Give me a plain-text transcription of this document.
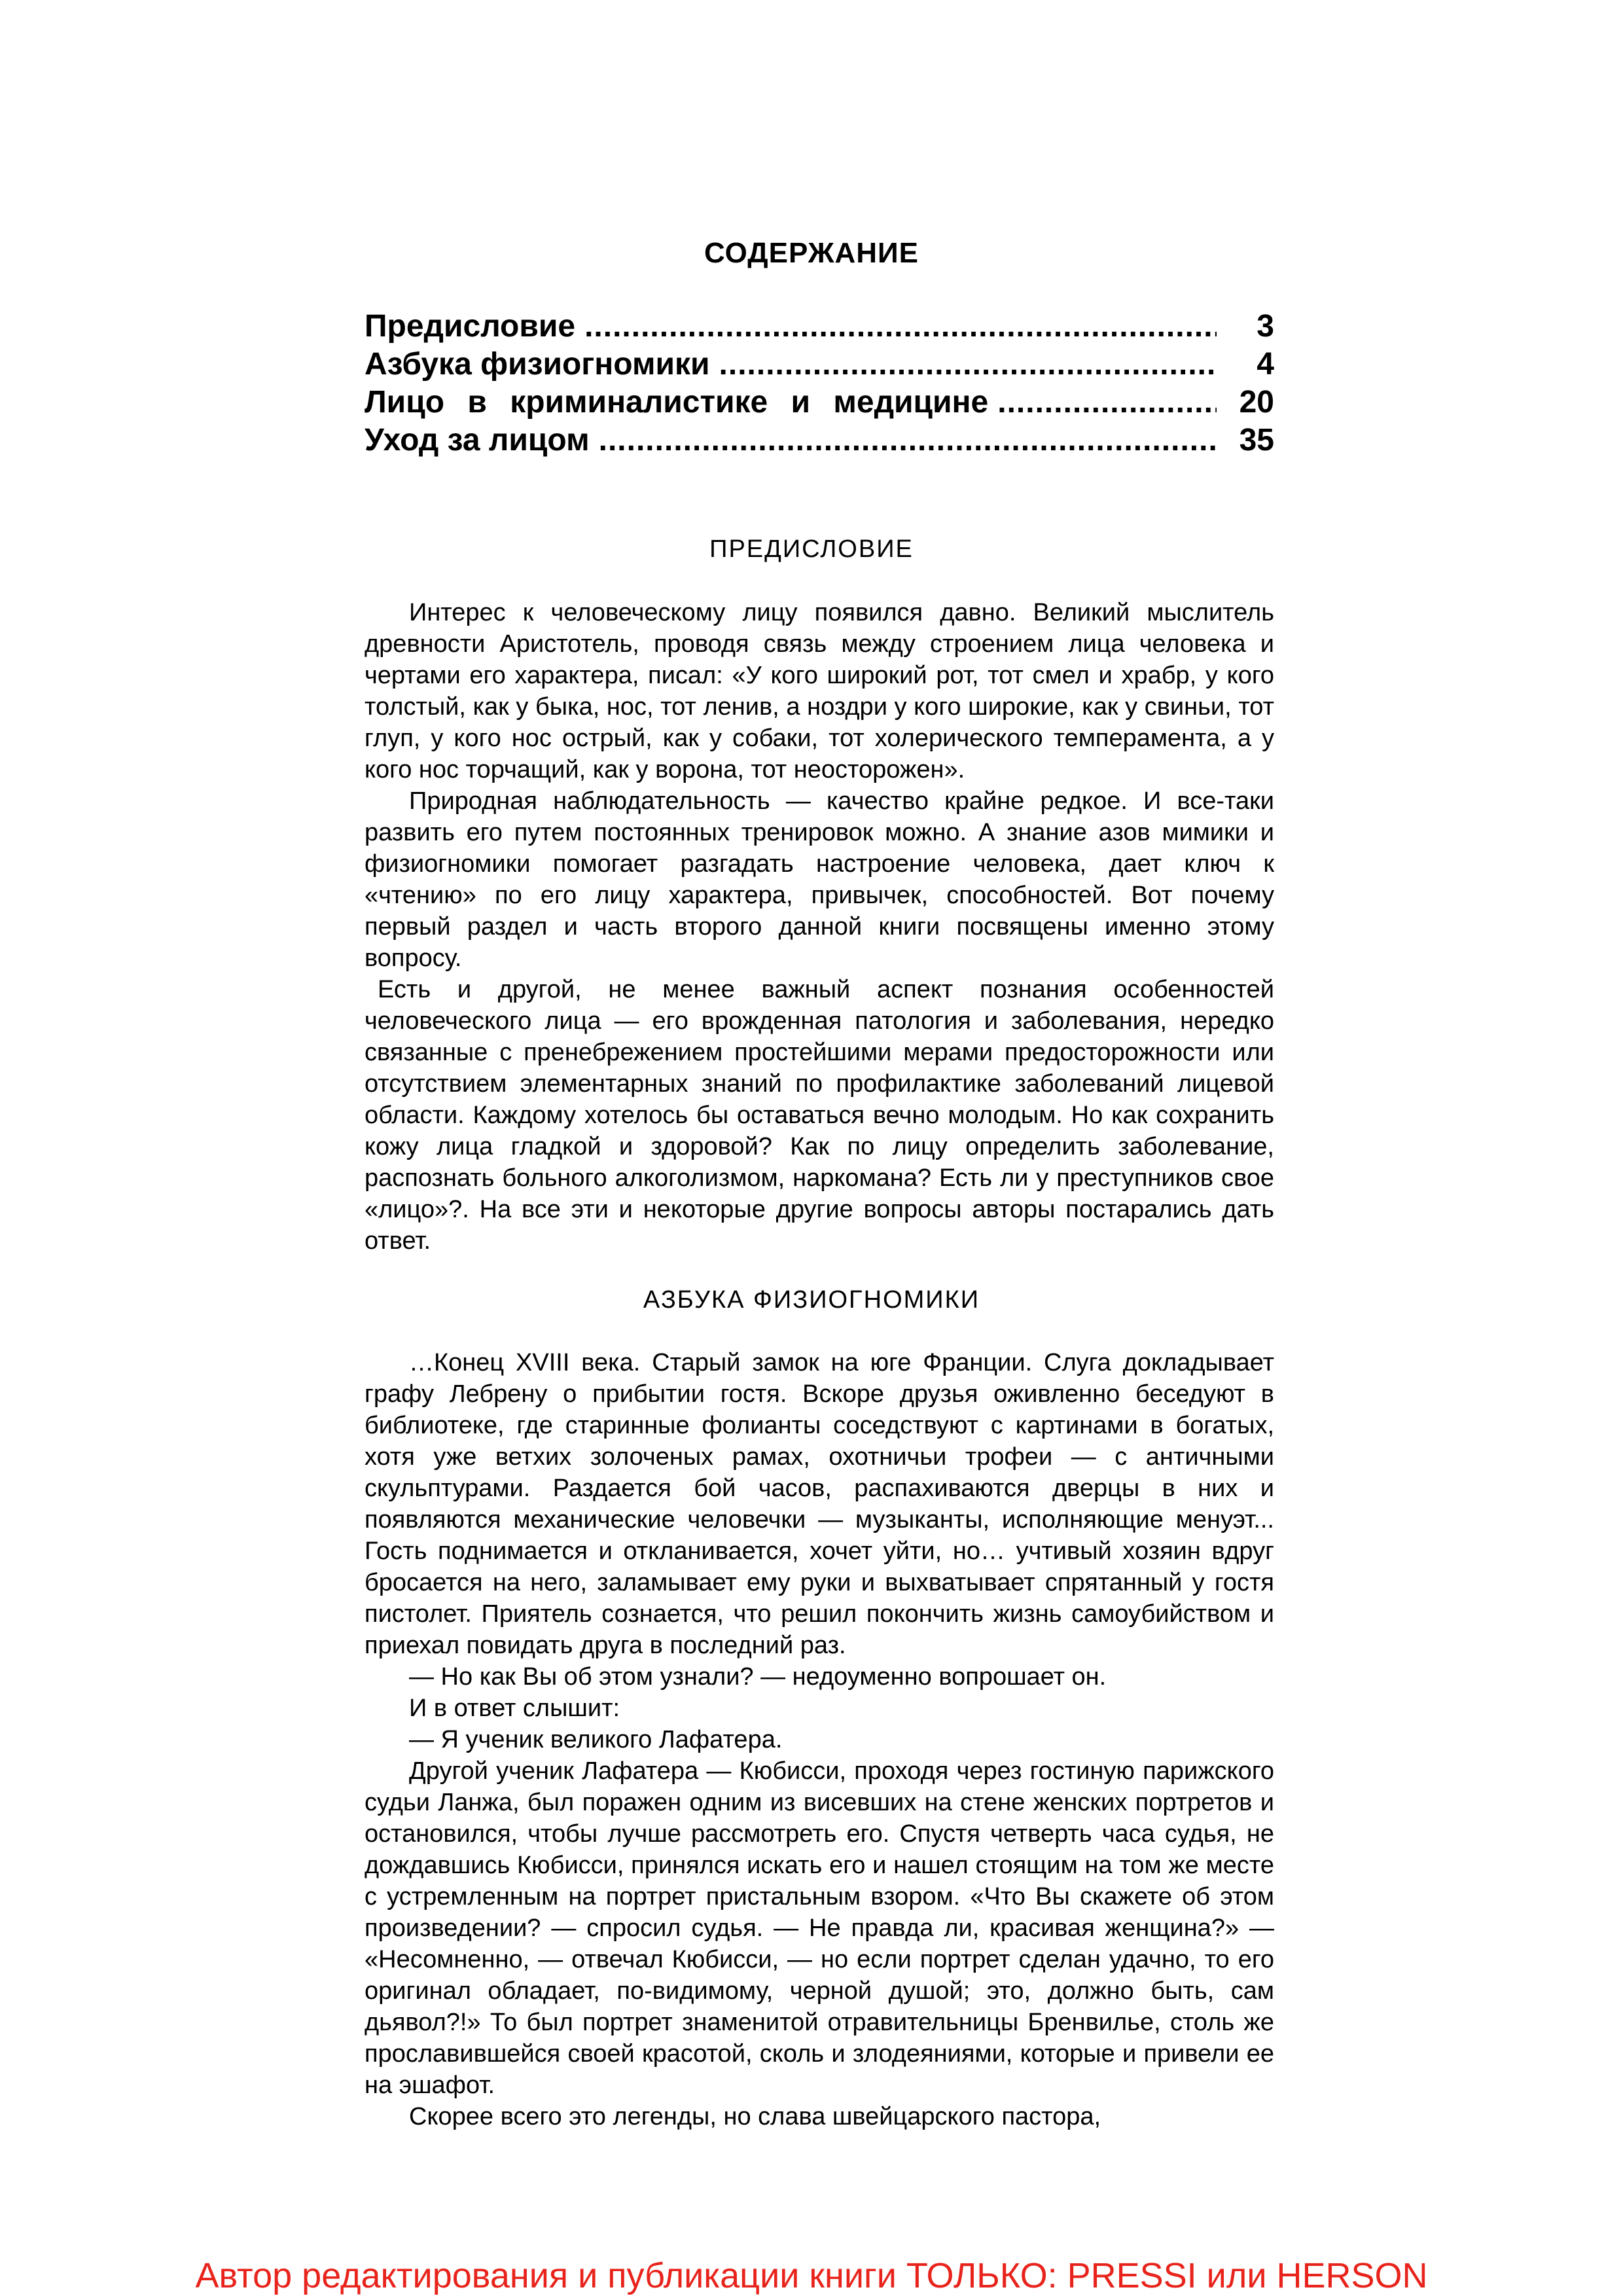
СОДЕРЖАНИЕ
Предисловие .....	3
Азбука физиогномики .....	4
Лицо в криминалистике и медицине .....	20
Уход за лицом .....	35
ПРЕДИСЛОВИЕ

Интерес к человеческому лицу появился давно. Великий мыслитель древности Аристотель, проводя связь между строением лица человека и чертами его характера, писал: «У кого широкий рот, тот смел и храбр, у кого толстый, как у быка, нос, тот ленив, а ноздри у кого широкие, как у свиньи, тот глуп, у кого нос острый, как у собаки, тот холерического темперамента, а у кого нос торчащий, как у ворона, тот неосторожен».

Природная наблюдательность — качество крайне редкое. И все-таки развить его путем постоянных тренировок можно. А знание азов мимики и физиогномики помогает разгадать настроение человека, дает ключ к «чтению» по его лицу характера, привычек, способностей. Вот почему первый раздел и часть второго данной книги посвящены именно этому вопросу.

Есть и другой, не менее важный аспект познания особенностей человеческого лица — его врожденная патология и заболевания, нередко связанные с пренебрежением простейшими мерами предосторожности или отсутствием элементарных знаний по профилактике заболеваний лицевой области. Каждому хотелось бы оставаться вечно молодым. Но как сохранить кожу лица гладкой и здоровой? Как по лицу определить заболевание, распознать больного алкоголизмом, наркомана? Есть ли у преступников свое «лицо»?. На все эти и некоторые другие вопросы авторы постарались дать ответ.

АЗБУКА ФИЗИОГНОМИКИ

…Конец XVIII века. Старый замок на юге Франции. Слуга докладывает графу Лебрену о прибытии гостя. Вскоре друзья оживленно беседуют в библиотеке, где старинные фолианты соседствуют с картинами в богатых, хотя уже ветхих золоченых рамах, охотничьи трофеи — с античными скульптурами. Раздается бой часов, распахиваются дверцы в них и появляются механические человечки — музыканты, исполняющие менуэт... Гость поднимается и откланивается, хочет уйти, но… учтивый хозяин вдруг бросается на него, заламывает ему руки и выхватывает спрятанный у гостя пистолет. Приятель сознается, что решил покончить жизнь самоубийством и приехал повидать друга в последний раз.

— Но как Вы об этом узнали? — недоуменно вопрошает он.

И в ответ слышит:

— Я ученик великого Лафатера.

Другой ученик Лафатера — Кюбисси, проходя через гостиную парижского судьи Ланжа, был поражен одним из висевших на стене женских портретов и остановился, чтобы лучше рассмотреть его. Спустя четверть часа судья, не дождавшись Кюбисси, принялся искать его и нашел стоящим на том же месте с устремленным на портрет пристальным взором. «Что Вы скажете об этом произведении? — спросил судья. — Не правда ли, красивая женщина?» — «Несомненно, — отвечал Кюбисси, — но если портрет сделан удачно, то его оригинал обладает, по-видимому, черной душой; это, должно быть, сам дьявол?!» То был портрет знаменитой отравительницы Бренвилье, столь же прославившейся своей красотой, сколь и злодеяниями, которые и привели ее на эшафот.

Скорее всего это легенды, но слава швейцарского пастора,

Автор редактирования и публикации книги ТОЛЬКО: PRESSI или HERSON
